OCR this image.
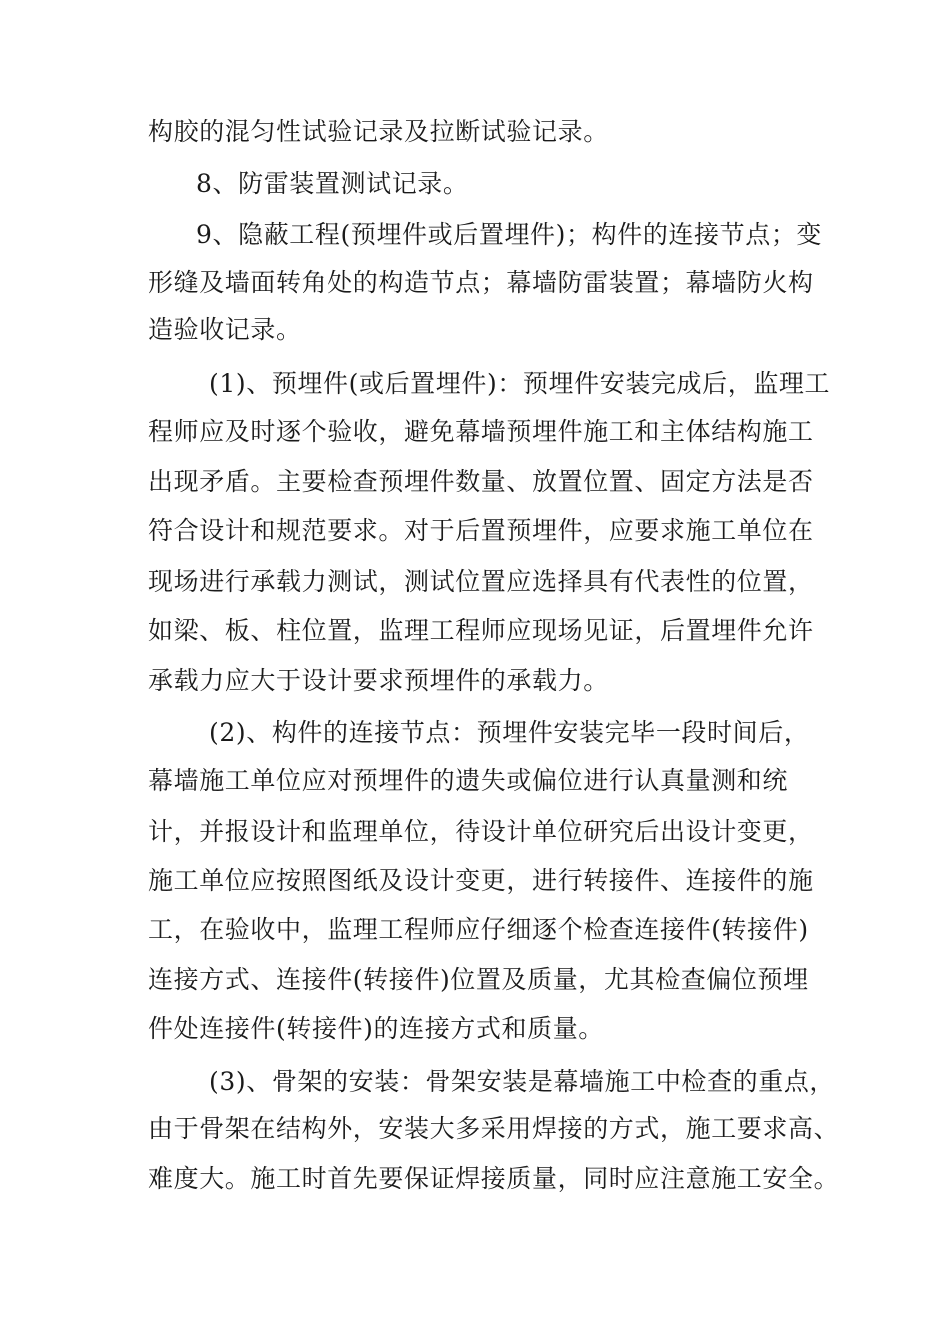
构胶的混匀性试验记录及拉断试验记录。
8、防雷装置测试记录。
9、隐蔽工程(预埋件或后置埋件)；构件的连接节点；变
形缝及墙面转角处的构造节点；幕墙防雷装置；幕墙防火构
造验收记录。
(1)、预埋件(或后置埋件)：预埋件安装完成后，监理工
程师应及时逐个验收，避免幕墙预埋件施工和主体结构施工
出现矛盾。主要检查预埋件数量、放置位置、固定方法是否
符合设计和规范要求。对于后置预埋件，应要求施工单位在
现场进行承载力测试，测试位置应选择具有代表性的位置，
如梁、板、柱位置，监理工程师应现场见证，后置埋件允许
承载力应大于设计要求预埋件的承载力。
(2)、构件的连接节点：预埋件安装完毕一段时间后，
幕墙施工单位应对预埋件的遗失或偏位进行认真量测和统
计，并报设计和监理单位，待设计单位研究后出设计变更，
施工单位应按照图纸及设计变更，进行转接件、连接件的施
工，在验收中，监理工程师应仔细逐个检查连接件(转接件)
连接方式、连接件(转接件)位置及质量，尤其检查偏位预埋
件处连接件(转接件)的连接方式和质量。
(3)、骨架的安装：骨架安装是幕墙施工中检查的重点，
由于骨架在结构外，安装大多采用焊接的方式，施工要求高、
难度大。施工时首先要保证焊接质量，同时应注意施工安全。
